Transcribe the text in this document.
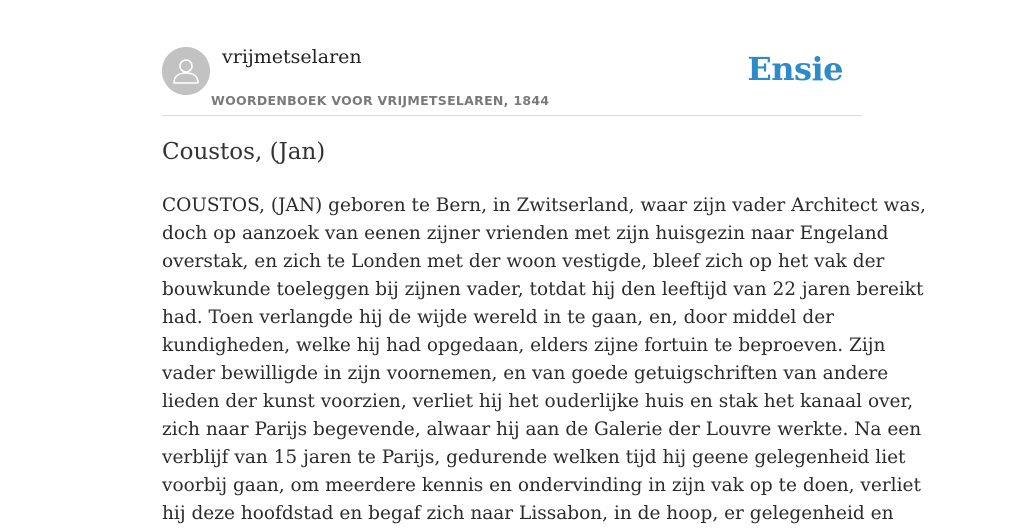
vrijmetselaren
WOORDENBOEK VOOR VRIJMETSELAREN, 1844
Ensie
Coustos, (Jan)
COUSTOS, (JAN) geboren te Bern, in Zwitserland, waar zijn vader Architect was,
doch op aanzoek van eenen zijner vrienden met zijn huisgezin naar Engeland
overstak, en zich te Londen met der woon vestigde, bleef zich op het vak der
bouwkunde toeleggen bij zijnen vader, totdat hij den leeftijd van 22 jaren bereikt
had. Toen verlangde hij de wijde wereld in te gaan, en, door middel der
kundigheden, welke hij had opgedaan, elders zijne fortuin te beproeven. Zijn
vader bewilligde in zijn voornemen, en van goede getuigschriften van andere
lieden der kunst voorzien, verliet hij het ouderlijke huis en stak het kanaal over,
zich naar Parijs begevende, alwaar hij aan de Galerie der Louvre werkte. Na een
verblijf van 15 jaren te Parijs, gedurende welken tijd hij geene gelegenheid liet
voorbij gaan, om meerdere kennis en ondervinding in zijn vak op te doen, verliet
hij deze hoofdstad en begaf zich naar Lissabon, in de hoop, er gelegenheid en
